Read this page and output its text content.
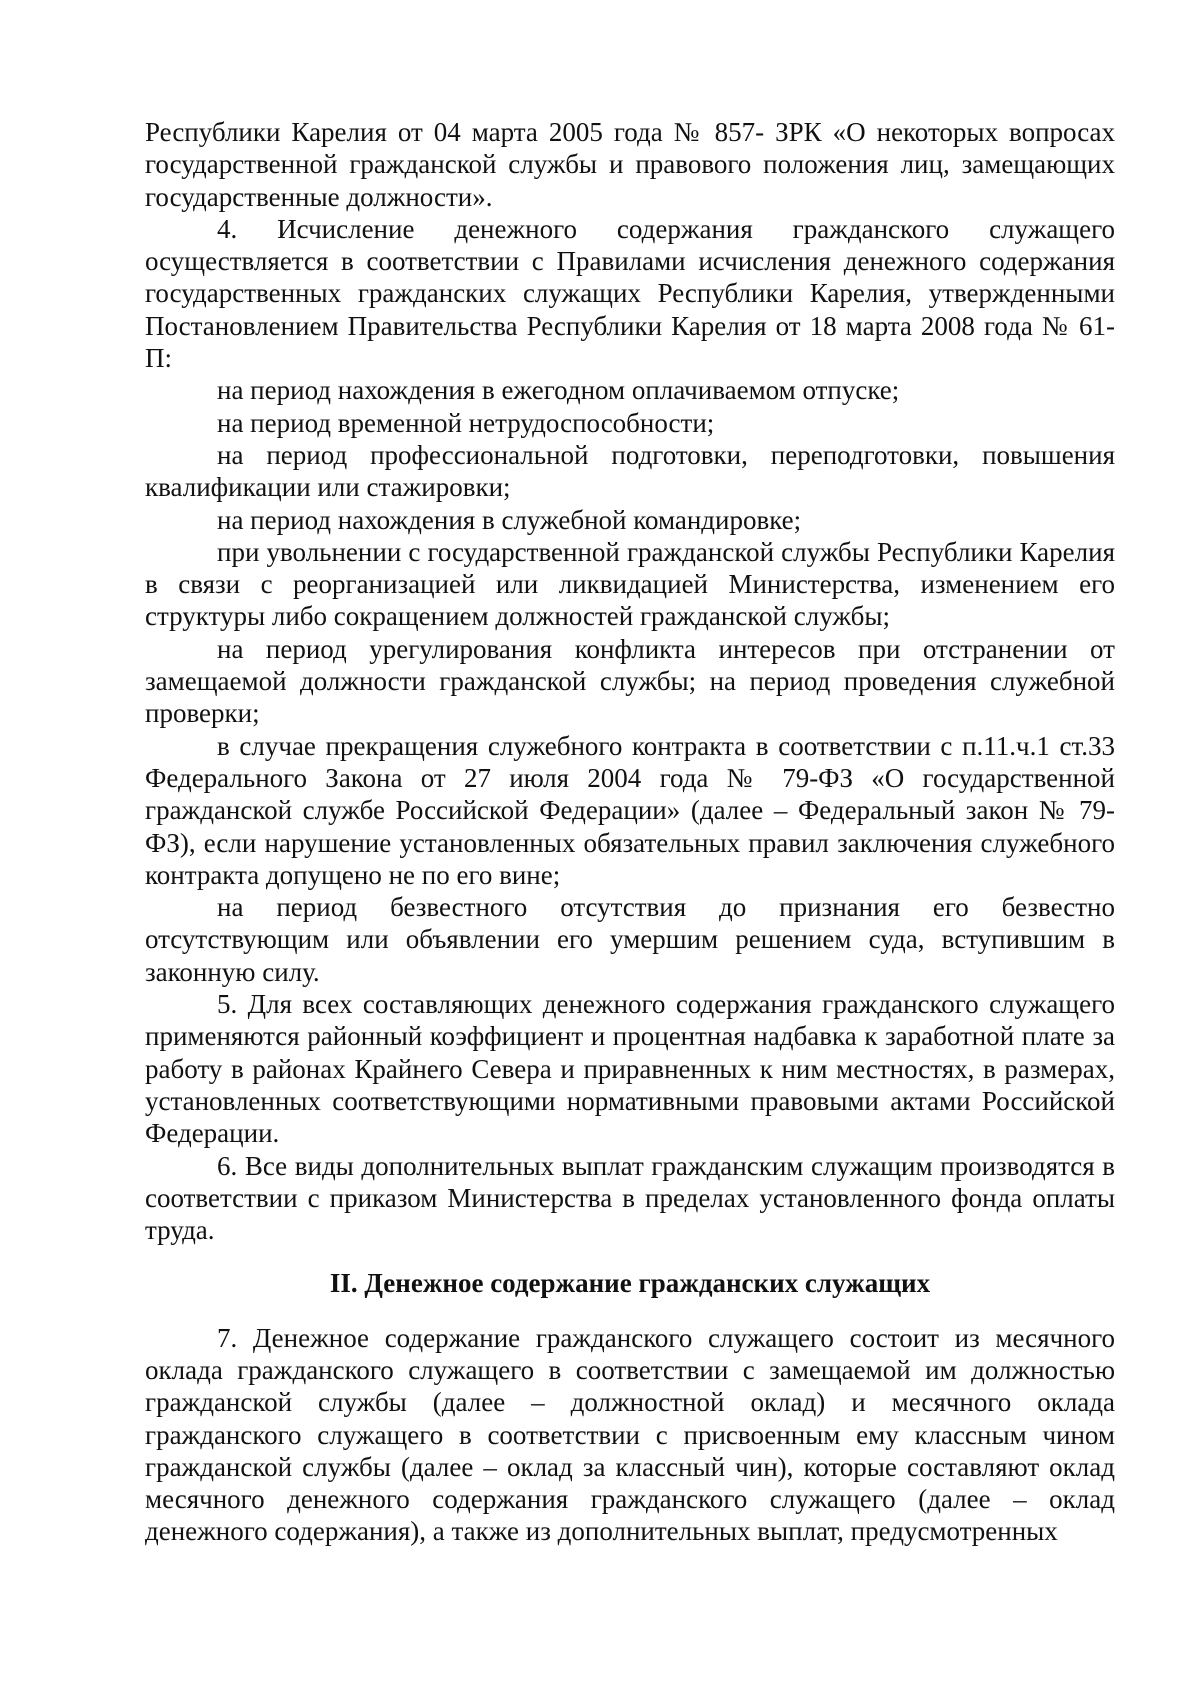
Республики Карелия от 04 марта 2005 года № 857- ЗРК «О некоторых вопросах государственной гражданской службы и правового положения лиц, замещающих государственные должности».

4. Исчисление денежного содержания гражданского служащего осуществляется в соответствии с Правилами исчисления денежного содержания государственных гражданских служащих Республики Карелия, утвержденными Постановлением Правительства Республики Карелия от 18 марта 2008 года № 61-П:

на период нахождения в ежегодном оплачиваемом отпуске;

на период временной нетрудоспособности;

на период профессиональной подготовки, переподготовки, повышения квалификации или стажировки;

на период нахождения в служебной командировке;

при увольнении с государственной гражданской службы Республики Карелия в связи с реорганизацией или ликвидацией Министерства, изменением его структуры либо сокращением должностей гражданской службы;

на период урегулирования конфликта интересов при отстранении от замещаемой должности гражданской службы; на период проведения служебной проверки;

в случае прекращения служебного контракта в соответствии с п.11.ч.1 ст.33 Федерального Закона от 27 июля 2004 года № 79-ФЗ «О государственной гражданской службе Российской Федерации» (далее – Федеральный закон № 79-ФЗ), если нарушение установленных обязательных правил заключения служебного контракта допущено не по его вине;

на период безвестного отсутствия до признания его безвестно отсутствующим или объявлении его умершим решением суда, вступившим в законную силу.

5. Для всех составляющих денежного содержания гражданского служащего применяются районный коэффициент и процентная надбавка к заработной плате за работу в районах Крайнего Севера и приравненных к ним местностях, в размерах, установленных соответствующими нормативными правовыми актами Российской Федерации.

6. Все виды дополнительных выплат гражданским служащим производятся в соответствии с приказом Министерства в пределах установленного фонда оплаты труда.

II. Денежное содержание гражданских служащих

7. Денежное содержание гражданского служащего состоит из месячного оклада гражданского служащего в соответствии с замещаемой им должностью гражданской службы (далее – должностной оклад) и месячного оклада гражданского служащего в соответствии с присвоенным ему классным чином гражданской службы (далее – оклад за классный чин), которые составляют оклад месячного денежного содержания гражданского служащего (далее – оклад денежного содержания), а также из дополнительных выплат, предусмотренных
